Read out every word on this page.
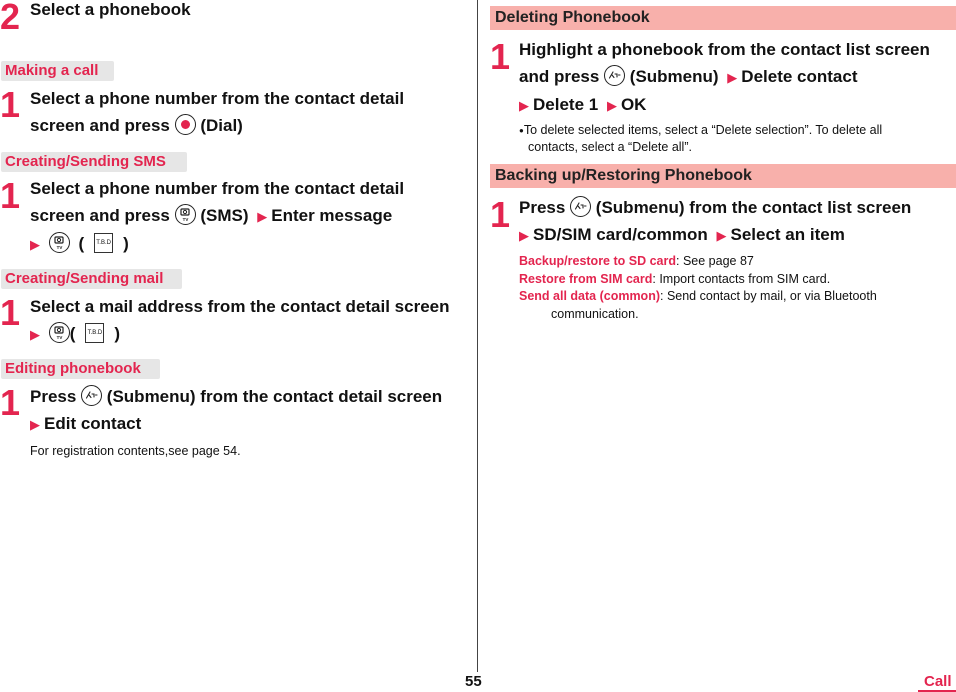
2 Select a phonebook
Making a call
1 Select a phone number from the contact detail
screen and press (Dial)
Creating/Sending SMS
1 Select a phone number from the contact detail
screen and press	TV (SMS) ▶ Enter message
▶	TV ( T.B.D )
Creating/Sending mail
1 Select a mail address from the contact detail screen
▶	TV ( T.B.D )
Editing phonebook
1 Press (Submenu) from the contact detail screen
▶ Edit contact
For registration contents,see page 54.
Deleting Phonebook
1 Highlight a phonebook from the contact list screen
and press (Submenu) ▶ Delete contact
▶ Delete 1 ▶ OK
●To delete selected items, select a “Delete selection”. To delete all
contacts, select a “Delete all”.
Backing up/Restoring Phonebook
1 Press (Submenu) from the contact list screen
▶ SD/SIM card/common ▶ Select an item
Backup/restore to SD card: See page 87
Restore from SIM card: Import contacts from SIM card.
Send all data (common): Send contact by mail, or via Bluetooth
communication.
55	Call
